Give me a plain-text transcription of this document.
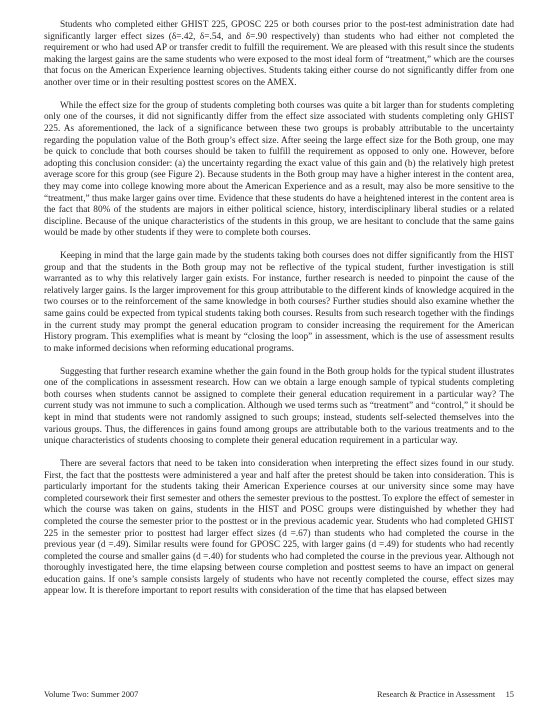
Students who completed either GHIST 225, GPOSC 225 or both courses prior to the post-test administration date had significantly larger effect sizes (δ=.42, δ=.54, and δ=.90 respectively) than students who had either not completed the requirement or who had used AP or transfer credit to fulfill the requirement. We are pleased with this result since the students making the largest gains are the same students who were exposed to the most ideal form of “treatment,” which are the courses that focus on the American Experience learning objectives. Students taking either course do not significantly differ from one another over time or in their resulting posttest scores on the AMEX.

While the effect size for the group of students completing both courses was quite a bit larger than for students completing only one of the courses, it did not significantly differ from the effect size associated with students completing only GHIST 225. As aforementioned, the lack of a significance between these two groups is probably attributable to the uncertainty regarding the population value of the Both group’s effect size. After seeing the large effect size for the Both group, one may be quick to conclude that both courses should be taken to fulfill the requirement as opposed to only one. However, before adopting this conclusion consider: (a) the uncertainty regarding the exact value of this gain and (b) the relatively high pretest average score for this group (see Figure 2). Because students in the Both group may have a higher interest in the content area, they may come into college knowing more about the American Experience and as a result, may also be more sensitive to the “treatment,” thus make larger gains over time. Evidence that these students do have a heightened interest in the content area is the fact that 80% of the students are majors in either political science, history, interdisciplinary liberal studies or a related discipline. Because of the unique characteristics of the students in this group, we are hesitant to conclude that the same gains would be made by other students if they were to complete both courses.

Keeping in mind that the large gain made by the students taking both courses does not differ significantly from the HIST group and that the students in the Both group may not be reflective of the typical student, further investigation is still warranted as to why this relatively larger gain exists. For instance, further research is needed to pinpoint the cause of the relatively larger gains. Is the larger improvement for this group attributable to the different kinds of knowledge acquired in the two courses or to the reinforcement of the same knowledge in both courses? Further studies should also examine whether the same gains could be expected from typical students taking both courses. Results from such research together with the findings in the current study may prompt the general education program to consider increasing the requirement for the American History program. This exemplifies what is meant by “closing the loop” in assessment, which is the use of assessment results to make informed decisions when reforming educational programs.

Suggesting that further research examine whether the gain found in the Both group holds for the typical student illustrates one of the complications in assessment research. How can we obtain a large enough sample of typical students completing both courses when students cannot be assigned to complete their general education requirement in a particular way? The current study was not immune to such a complication. Although we used terms such as “treatment” and “control,” it should be kept in mind that students were not randomly assigned to such groups; instead, students self-selected themselves into the various groups. Thus, the differences in gains found among groups are attributable both to the various treatments and to the unique characteristics of students choosing to complete their general education requirement in a particular way.

There are several factors that need to be taken into consideration when interpreting the effect sizes found in our study. First, the fact that the posttests were administered a year and half after the pretest should be taken into consideration. This is particularly important for the students taking their American Experience courses at our university since some may have completed coursework their first semester and others the semester previous to the posttest. To explore the effect of semester in which the course was taken on gains, students in the HIST and POSC groups were distinguished by whether they had completed the course the semester prior to the posttest or in the previous academic year. Students who had completed GHIST 225 in the semester prior to posttest had larger effect sizes (d =.67) than students who had completed the course in the previous year (d =.49). Similar results were found for GPOSC 225, with larger gains (d =.49) for students who had recently completed the course and smaller gains (d =.40) for students who had completed the course in the previous year. Although not thoroughly investigated here, the time elapsing between course completion and posttest seems to have an impact on general education gains. If one’s sample consists largely of students who have not recently completed the course, effect sizes may appear low. It is therefore important to report results with consideration of the time that has elapsed between

Volume Two: Summer 2007	Research & Practice in Assessment     15
